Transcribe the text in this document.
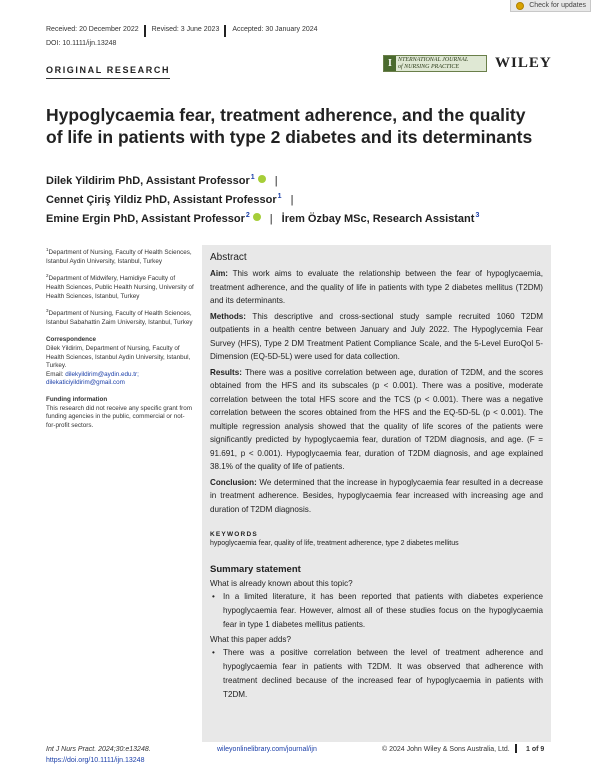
Check for updates
Received: 20 December 2022	Revised: 3 June 2023	Accepted: 30 January 2024
DOI: 10.1111/ijn.13248
ORIGINAL RESEARCH
I	NTERNATIONAL JOURNAL
of NURSING PRACTICE	WILEY
Hypoglycaemia fear, treatment adherence, and the quality of life in patients with type 2 diabetes and its determinants
Dilek Yildirim PhD, Assistant Professor$^1$ |
Cennet Çiriş Yildiz PhD, Assistant Professor$^1$ |
Emine Ergin PhD, Assistant Professor$^2$ | İrem Özbay MSc, Research Assistant$^3$
$^1$Department of Nursing, Faculty of Health Sciences, Istanbul Aydin University, Istanbul, Turkey
$^2$Department of Midwifery, Hamidiye Faculty of Health Sciences, Public Health Nursing, University of Health Sciences, Istanbul, Turkey
$^3$Department of Nursing, Faculty of Health Sciences, Istanbul Sabahattin Zaim University, Istanbul, Turkey
Correspondence
Dilek Yildirim, Department of Nursing, Faculty of Health Sciences, Istanbul Aydin University, Istanbul, Turkey.
Email: dilekyildirim@aydin.edu.tr;
dilekaticiyildirim@gmail.com
Funding information
This research did not receive any specific grant from funding agencies in the public, commercial or not-for-profit sectors.
Abstract

Aim: This work aims to evaluate the relationship between the fear of hypoglycaemia, treatment adherence, and the quality of life in patients with type 2 diabetes mellitus (T2DM) and its determinants.

Methods: This descriptive and cross-sectional study sample recruited 1060 T2DM outpatients in a health centre between January and July 2022. The Hypoglycemia Fear Survey (HFS), Type 2 DM Treatment Patient Compliance Scale, and the 5-Level EuroQol 5-Dimension (EQ-5D-5L) were used for data collection.

Results: There was a positive correlation between age, duration of T2DM, and the scores obtained from the HFS and its subscales (p < 0.001). There was a positive, moderate correlation between the total HFS score and the TCS (p < 0.001). There was a negative correlation between the scores obtained from the HFS and the EQ-5D-5L (p < 0.001). The multiple regression analysis showed that the quality of life scores of the patients were significantly predicted by hypoglycaemia fear, duration of T2DM diagnosis, and age. (F = 91.691, p < 0.001). Hypoglycaemia fear, duration of T2DM diagnosis, and age explained 38.1% of the quality of life of patients.

Conclusion: We determined that the increase in hypoglycaemia fear resulted in a decrease in treatment adherence. Besides, hypoglycaemia fear increased with increasing age and duration of T2DM diagnosis.

KEYWORDS
hypoglycaemia fear, quality of life, treatment adherence, type 2 diabetes mellitus
Summary statement
What is already known about this topic?
• In a limited literature, it has been reported that patients with diabetes experience hypoglycaemia fear. However, almost all of these studies focus on the hypoglycaemia fear in type 1 diabetes mellitus patients.
What this paper adds?
• There was a positive correlation between the level of treatment adherence and hypoglycaemia fear in patients with T2DM. It was observed that adherence with treatment declined because of the increased fear of hypoglycaemia in patients with T2DM.
Int J Nurs Pract. 2024;30:e13248.
https://doi.org/10.1111/ijn.13248
wileyonlinelibrary.com/journal/ijn	© 2024 John Wiley & Sons Australia, Ltd. 1 of 9
